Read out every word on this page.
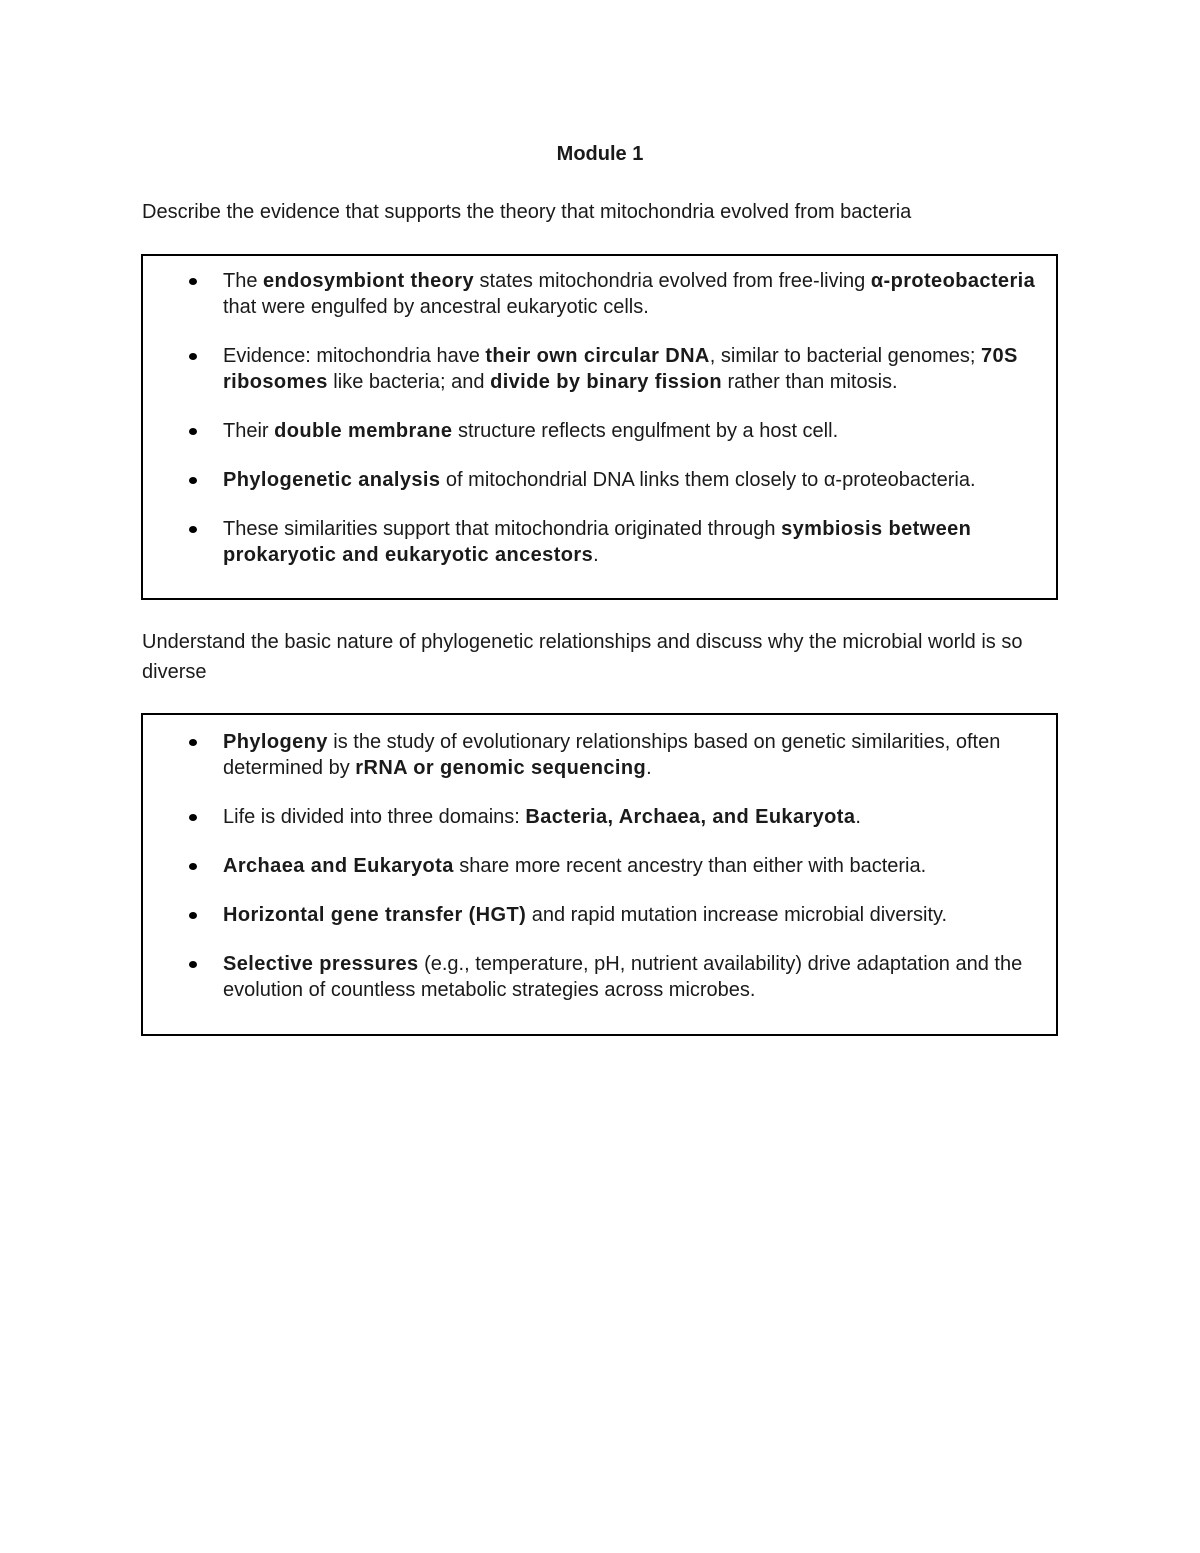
Module 1
Describe the evidence that supports the theory that mitochondria evolved from bacteria
The endosymbiont theory states mitochondria evolved from free-living α-proteobacteria that were engulfed by ancestral eukaryotic cells.
Evidence: mitochondria have their own circular DNA, similar to bacterial genomes; 70S ribosomes like bacteria; and divide by binary fission rather than mitosis.
Their double membrane structure reflects engulfment by a host cell.
Phylogenetic analysis of mitochondrial DNA links them closely to α-proteobacteria.
These similarities support that mitochondria originated through symbiosis between prokaryotic and eukaryotic ancestors.
Understand the basic nature of phylogenetic relationships and discuss why the microbial world is so diverse
Phylogeny is the study of evolutionary relationships based on genetic similarities, often determined by rRNA or genomic sequencing.
Life is divided into three domains: Bacteria, Archaea, and Eukaryota.
Archaea and Eukaryota share more recent ancestry than either with bacteria.
Horizontal gene transfer (HGT) and rapid mutation increase microbial diversity.
Selective pressures (e.g., temperature, pH, nutrient availability) drive adaptation and the evolution of countless metabolic strategies across microbes.
